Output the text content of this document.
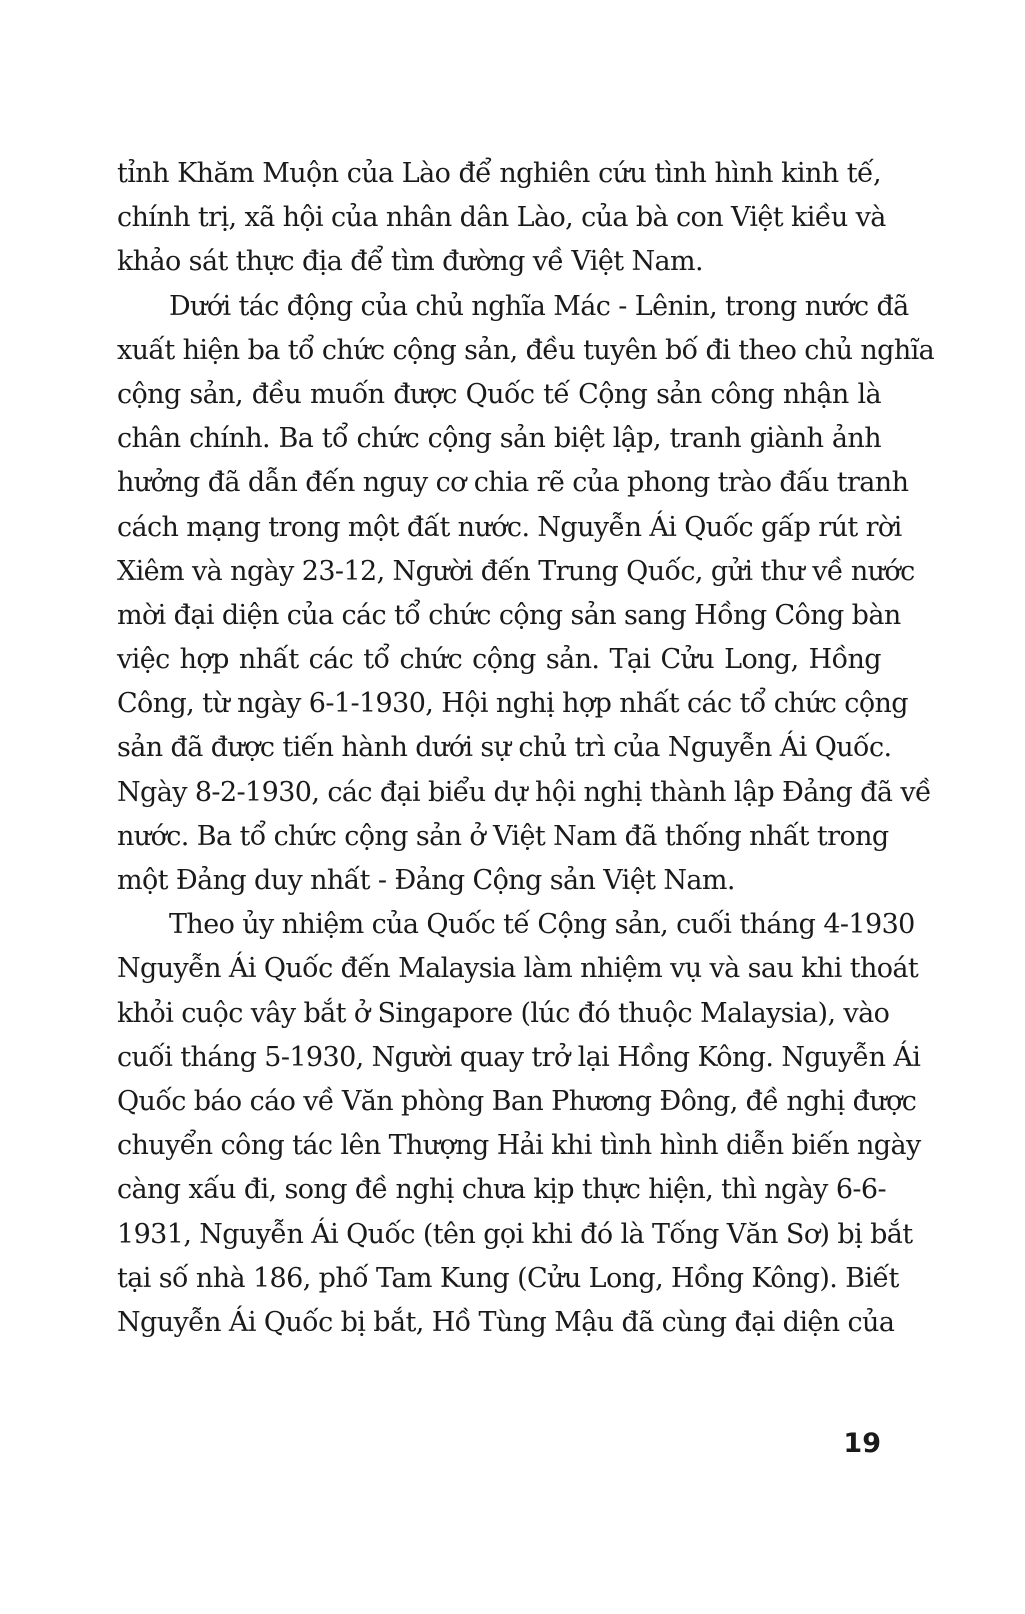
tỉnh Khăm Muộn của Lào để nghiên cứu tình hình kinh tế,
chính trị, xã hội của nhân dân Lào, của bà con Việt kiều và
khảo sát thực địa để tìm đường về Việt Nam.
Dưới tác động của chủ nghĩa Mác - Lênin, trong nước đã
xuất hiện ba tổ chức cộng sản, đều tuyên bố đi theo chủ nghĩa
cộng sản, đều muốn được Quốc tế Cộng sản công nhận là
chân chính. Ba tổ chức cộng sản biệt lập, tranh giành ảnh
hưởng đã dẫn đến nguy cơ chia rẽ của phong trào đấu tranh
cách mạng trong một đất nước. Nguyễn Ái Quốc gấp rút rời
Xiêm và ngày 23-12, Người đến Trung Quốc, gửi thư về nước
mời đại diện của các tổ chức cộng sản sang Hồng Công bàn
việc hợp nhất các tổ chức cộng sản. Tại Cửu Long, Hồng
Công, từ ngày 6-1-1930, Hội nghị hợp nhất các tổ chức cộng
sản đã được tiến hành dưới sự chủ trì của Nguyễn Ái Quốc.
Ngày 8-2-1930, các đại biểu dự hội nghị thành lập Đảng đã về
nước. Ba tổ chức cộng sản ở Việt Nam đã thống nhất trong
một Đảng duy nhất - Đảng Cộng sản Việt Nam.
Theo ủy nhiệm của Quốc tế Cộng sản, cuối tháng 4-1930
Nguyễn Ái Quốc đến Malaysia làm nhiệm vụ và sau khi thoát
khỏi cuộc vây bắt ở Singapore (lúc đó thuộc Malaysia), vào
cuối tháng 5-1930, Người quay trở lại Hồng Kông. Nguyễn Ái
Quốc báo cáo về Văn phòng Ban Phương Đông, đề nghị được
chuyển công tác lên Thượng Hải khi tình hình diễn biến ngày
càng xấu đi, song đề nghị chưa kịp thực hiện, thì ngày 6-6-
1931, Nguyễn Ái Quốc (tên gọi khi đó là Tống Văn Sơ) bị bắt
tại số nhà 186, phố Tam Kung (Cửu Long, Hồng Kông). Biết
Nguyễn Ái Quốc bị bắt, Hồ Tùng Mậu đã cùng đại diện của
19
